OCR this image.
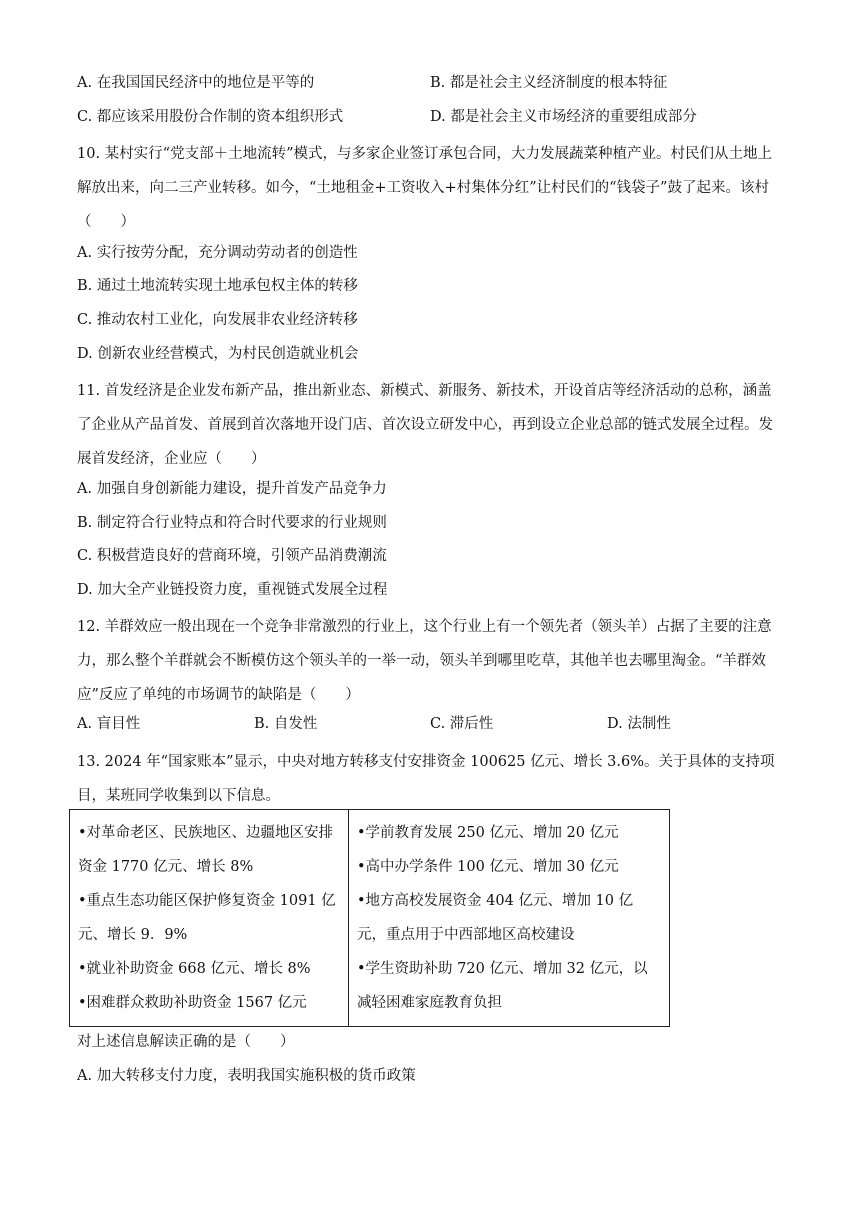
A. 在我国国民经济中的地位是平等的	B. 都是社会主义经济制度的根本特征
C. 都应该采用股份合作制的资本组织形式	D. 都是社会主义市场经济的重要组成部分
10. 某村实行“党支部＋土地流转”模式，与多家企业签订承包合同，大力发展蔬菜种植产业。村民们从土地上解放出来，向二三产业转移。如今，“土地租金+工资收入+村集体分红”让村民们的“钱袋子”鼓了起来。该村（　　）
A. 实行按劳分配，充分调动劳动者的创造性
B. 通过土地流转实现土地承包权主体的转移
C. 推动农村工业化，向发展非农业经济转移
D. 创新农业经营模式，为村民创造就业机会
11. 首发经济是企业发布新产品，推出新业态、新模式、新服务、新技术，开设首店等经济活动的总称，涵盖了企业从产品首发、首展到首次落地开设门店、首次设立研发中心，再到设立企业总部的链式发展全过程。发展首发经济，企业应（　　）
A. 加强自身创新能力建设，提升首发产品竞争力
B. 制定符合行业特点和符合时代要求的行业规则
C. 积极营造良好的营商环境，引领产品消费潮流
D. 加大全产业链投资力度，重视链式发展全过程
12. 羊群效应一般出现在一个竞争非常激烈的行业上，这个行业上有一个领先者（领头羊）占据了主要的注意力，那么整个羊群就会不断模仿这个领头羊的一举一动，领头羊到哪里吃草，其他羊也去哪里淘金。“羊群效应”反应了单纯的市场调节的缺陷是（　　）
A. 盲目性	B. 自发性	C. 滞后性	D. 法制性
13. 2024 年“国家账本”显示，中央对地方转移支付安排资金 100625 亿元、增长 3.6%。关于具体的支持项目，某班同学收集到以下信息。
•对革命老区、民族地区、边疆地区安排资金 1770 亿元、增长 8%
•重点生态功能区保护修复资金 1091 亿元、增长 9．9%
•就业补助资金 668 亿元、增长 8%
•困难群众救助补助资金 1567 亿元

•学前教育发展 250 亿元、增加 20 亿元
•高中办学条件 100 亿元、增加 30 亿元
•地方高校发展资金 404 亿元、增加 10 亿元，重点用于中西部地区高校建设
•学生资助补助 720 亿元、增加 32 亿元，以减轻困难家庭教育负担
对上述信息解读正确的是（　　）
A. 加大转移支付力度，表明我国实施积极的货币政策
